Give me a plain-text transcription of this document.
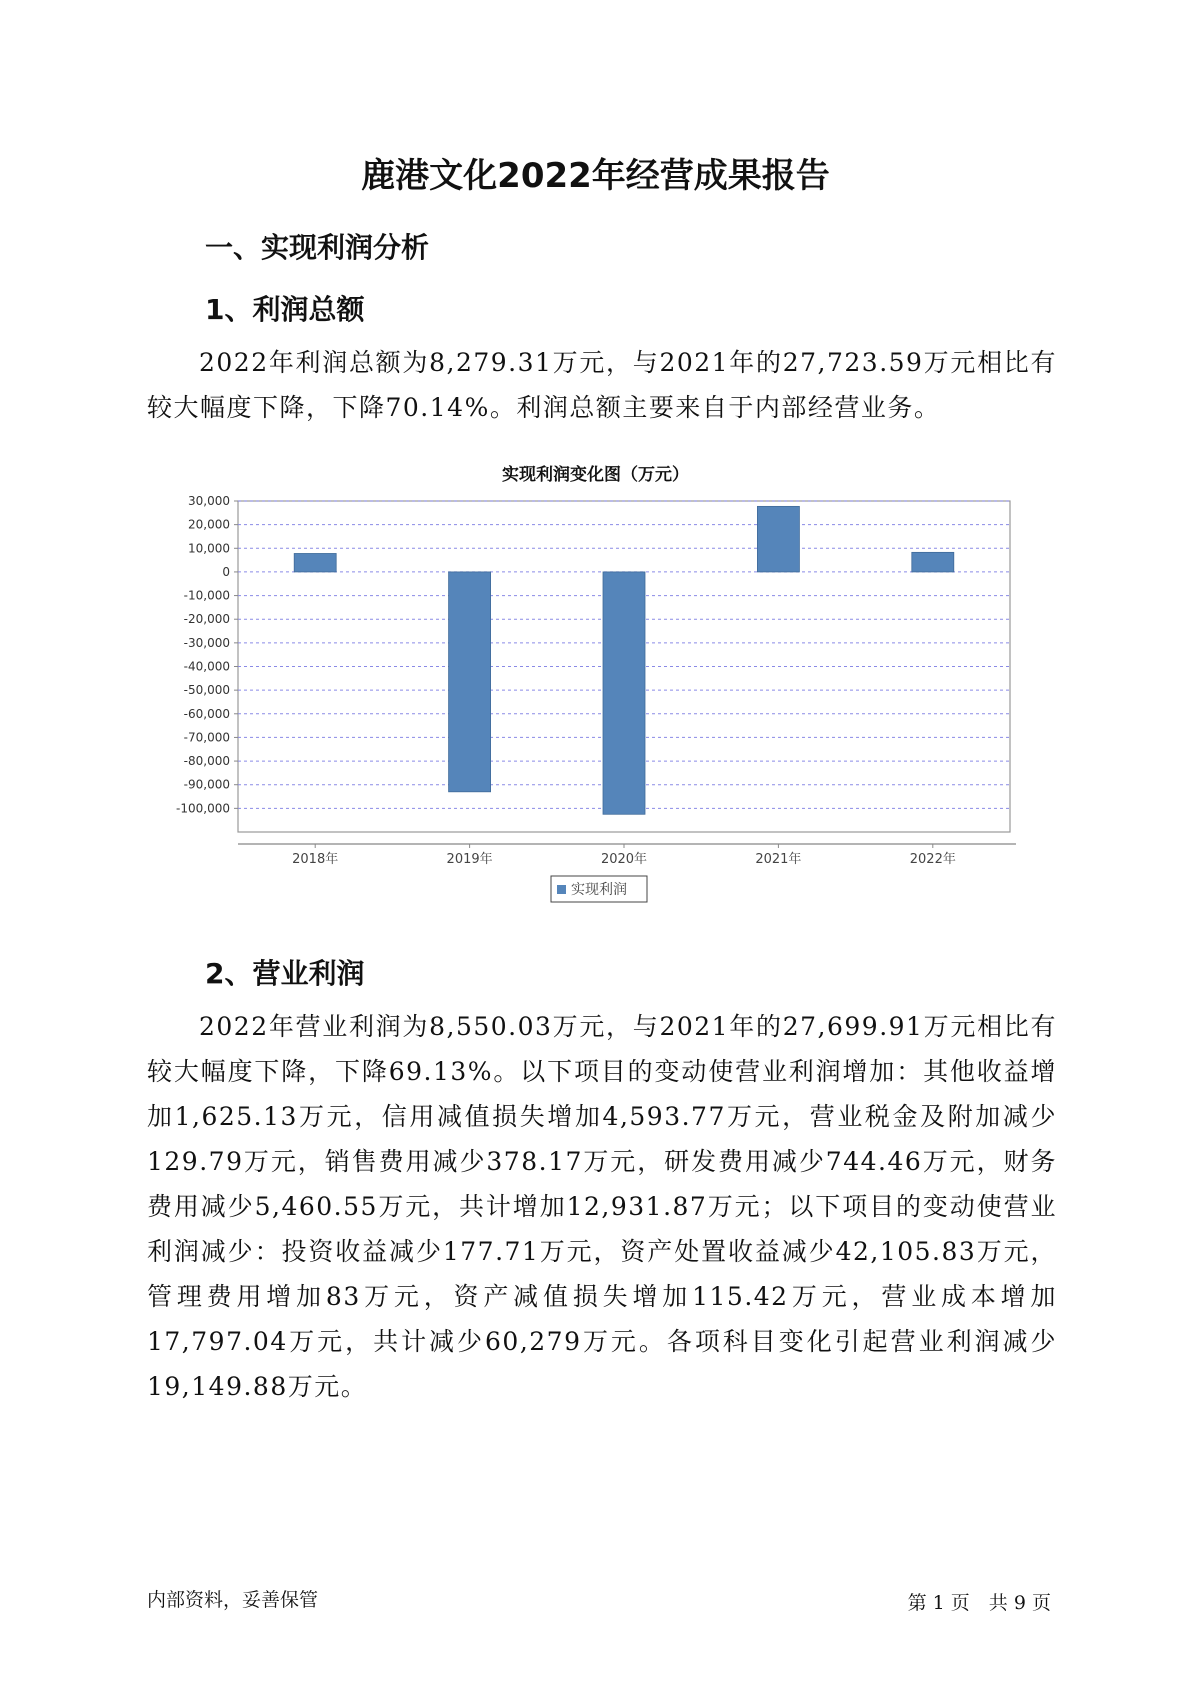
鹿港文化2022年经营成果报告
一、实现利润分析
1、利润总额

2022年利润总额为8,279.31万元，与2021年的27,723.59万元相比有较大幅度下降，下降70.14%。利润总额主要来自于内部经营业务。

实现利润变化图（万元）
30,000
20,000
10,000
0
-10,000
-20,000
-30,000
-40,000
-50,000
-60,000
-70,000
-80,000
-90,000
-100,000
2018年	2019年	2020年	2021年	2022年
实现利润
2、营业利润

2022年营业利润为8,550.03万元，与2021年的27,699.91万元相比有较大幅度下降，下降69.13%。以下项目的变动使营业利润增加：其他收益增加1,625.13万元，信用减值损失增加4,593.77万元，营业税金及附加减少129.79万元，销售费用减少378.17万元，研发费用减少744.46万元，财务费用减少5,460.55万元，共计增加12,931.87万元；以下项目的变动使营业利润减少：投资收益减少177.71万元，资产处置收益减少42,105.83万元，管理费用增加83万元，资产减值损失增加115.42万元，营业成本增加17,797.04万元，共计减少60,279万元。各项科目变化引起营业利润减少19,149.88万元。

内部资料，妥善保管	第 1 页　共 9 页
